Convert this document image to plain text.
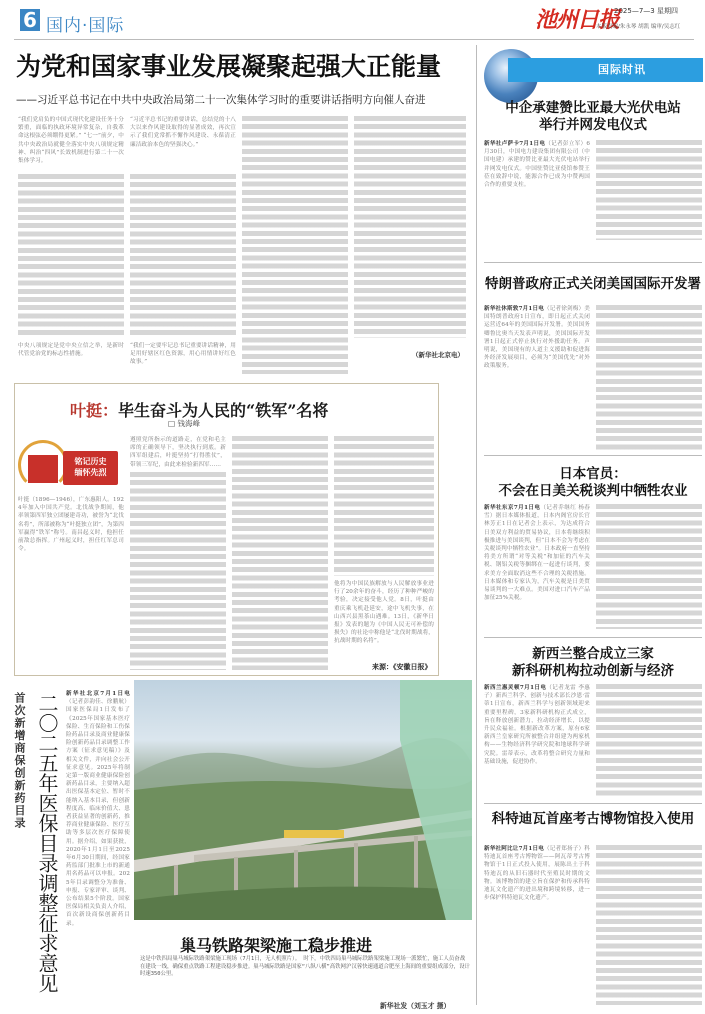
6 国内·国际	池州日报
2025—7—3 星期四
本版责编/朱永琴 胡凯 编审/吴志红
为党和国家事业发展凝聚起强大正能量
——习近平总书记在中共中央政治局第二十一次集体学习时的重要讲话指明方向催人奋进
“我们党肩负的中国式现代化建设任务十分繁重，面临的执政环境异常复杂，自我革命这根弦必须绷得更紧。” “七一”前夕，中共中央政治局就健全落实中央八项规定精神、纠治“四风”长效机制进行第二十一次集体学习。
中央八项规定是党中央立信之举，是新时代管党治党的标志性措施。
“习近平总书记的重要讲话，总结党的十八大以来作风建设取得的显著成效，再次宣示了我们党常抓不懈作风建设、永葆清正廉洁政治本色的坚强决心。”
“我们一定要牢记总书记重要讲话精神，用足用好辖区红色资源，用心用情讲好红色故事。”
（新华社北京电）
国际时讯
中企承建赞比亚最大光伏电站
举行并网发电仪式
新华社卢萨卡7月1日电（记者彭立军）6月30日，中国电力建设集团有限公司（中国电建）承建的赞比亚最大光伏电站举行并网发电仪式。中国驻赞比亚使馆参赞王莅在致辞中说，能源合作已成为中赞两国合作的重要支柱。
特朗普政府正式关闭美国国际开发署
新华社休斯敦7月1日电（记者徐剑梅）美国特朗普政府1日宣布，即日起正式关闭运营近64年的美国国际开发署。美国国务卿鲁比奥当天发表声明说，美国国际开发署1日起正式停止执行对外援助任务。声明说，美国现有的人道主义援助和促进海外经济发展项目，必须为“美国优先”对外政策服务。
日本官员：
不会在日美关税谈判中牺牲农业
新华社东京7月1日电（记者乔继红 杨春雪）据日本媒体报道，日本内阁官房长官林芳正1日在记者会上表示，为达成符合日美双方利益的贸易协议，日本将继续积极推进与美国谈判，但“日本不会为考虑在关税谈判中牺牲农业”。日本政府一直坚持将美方所谓“对等关税”和加征的汽车关税、钢铝关税等捆绑在一起进行谈判，要求美方全面取消这些不合理的关税措施。日本媒体和专家认为，汽车关税是日美贸易谈判的一大难点。美国对进口汽车产品加征25%关税。
新西兰整合成立三家
新科研机构拉动创新与经济
新西兰惠灵顿7月1日电（记者龙雷 李惠子）新西兰科学、创新与技术部长沙恩·雷蒂1日宣布，新西兰科学与创新领域迎来重要里程碑，3家新科研机构正式成立，旨在释放创新潜力，拉动经济增长，以提升民众福祉。根据新改革方案，原有6家新西兰皇家研究所被整合并组建为两家机构——生物经济科学研究院和地球科学研究院。雷蒂表示，改革将整合研究力量和基础设施，促进协作。
科特迪瓦首座考古博物馆投入使用
新华社阿比让7月1日电（记者郑扬子）科特迪瓦首座考古博物馆——阿瓦蒂考古博物馆于1日正式投入使用，展陈出土于科特迪瓦的从旧石器时代至殖民时期的文物。该博物馆的建立旨在保护和传承科特迪瓦文化遗产的进出境和跨境转移，进一步保护科特迪瓦文化遗产。
叶挺：毕生奋斗为人民的“铁军”名将
□ 钱海峰
铭记历史
缅怀先烈
叶挺（1896—1946），广东惠阳人。1924年加入中国共产党。北伐战争期间，他率领第四军独立团屡建奇功，被誉为“北伐名将”，所部被称为“叶挺独立团”，为第四军赢得“铁军”称号。南昌起义时，他担任前敌总指挥。广州起义时，担任红军总司令。
遵照党所指示的道路走，在党和毛主席的正确领导下，坚决执行到底。新四军组建后，叶挺坚持“打得胜仗”，带领三军纪，由此来检验新四军……
他将为中国民族解放与人民解放事业进行了20余年的奋斗，经历了种种严峻的考验，决定接受他人党。8日，叶挺由重庆乘飞机赴延安，途中飞机失事，在山西兴县黑茶山遇难。13日，《新华日报》发表的题为《中国人民无可补偿的损失》的社论中称他是“北伐时期战将，抗战时期的名将”。
来源：《安徽日报》
首次新增商保创新药目录 二〇二五年医保目录调整征求意见	新华社北京7月1日电（记者彭韵佳、徐鹏航）国家医保局1日发布了《2025年国家基本医疗保险、生育保险和工伤保险药品目录及商业健康保险创新药品目录调整工作方案（征求意见稿）》及相关文件，并向社会公开征求意见。2025年将制定第一版商业健康保险创新药品目录，主要纳入超出医保基本定位、暂时不能纳入基本目录，但创新程度高、临床价值大、患者获益显著的创新药，推荐商业健康保险、医疗互助等多层次医疗保障使用。据介绍，如果获批，2020年1月1日至2025年6月30日期间，经国家药监部门批准上市的新通用名药品可以申报。2025年目录调整分为准备、申报、专家评审、谈判、公布结果5个阶段。国家医保局相关负责人介绍，首次新设商保创新药目录。
巢马铁路架梁施工稳步推进
这是中铁四局巢马城际铁路架梁施工现场（7月1日，无人机照片）。 时下，中铁四局巢马城际铁路架梁施工现场一派繁忙，施工人员奋战在建设一线，确保重点铁路工程建设稳步推进。巢马城际铁路是国家“八纵八横”高铁网沪汉蓉快速通道合肥至上海间的重要组成部分，设计时速350公里。
新华社发（刘玉才 摄）
